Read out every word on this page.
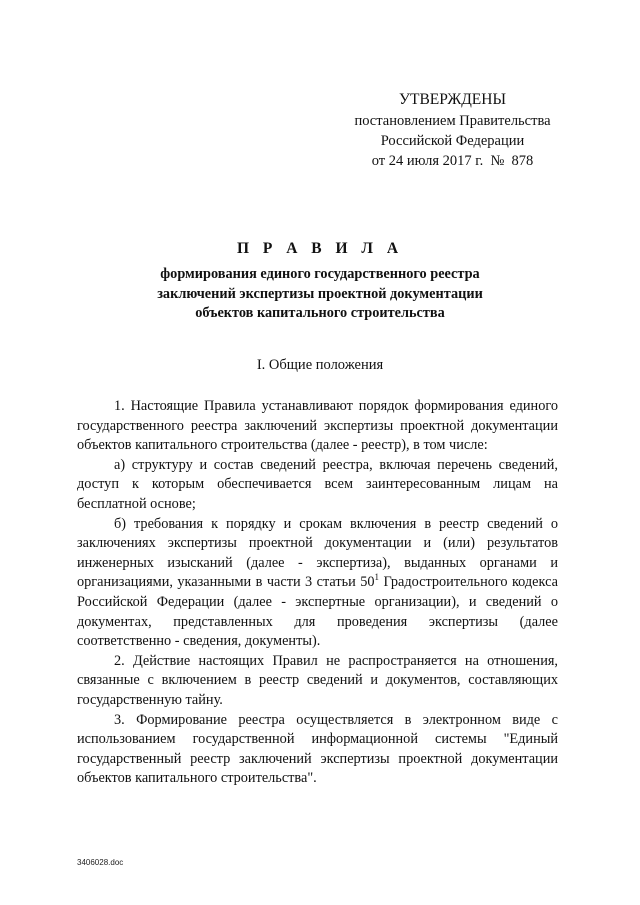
УТВЕРЖДЕНЫ
постановлением Правительства
Российской Федерации
от 24 июля 2017 г.  №  878
П Р А В И Л А
формирования единого государственного реестра
заключений экспертизы проектной документации
объектов капитального строительства
I. Общие положения

1. Настоящие Правила устанавливают порядок формирования единого государственного реестра заключений экспертизы проектной документации объектов капитального строительства (далее - реестр), в том числе:

а) структуру и состав сведений реестра, включая перечень сведений, доступ к которым обеспечивается всем заинтересованным лицам на бесплатной основе;

б) требования к порядку и срокам включения в реестр сведений о заключениях экспертизы проектной документации и (или) результатов инженерных изысканий (далее - экспертиза), выданных органами и организациями, указанными в части 3 статьи $50^1$ Градостроительного кодекса Российской Федерации (далее - экспертные организации), и сведений о документах, представленных для проведения экспертизы (далее соответственно - сведения, документы).

2. Действие настоящих Правил не распространяется на отношения, связанные с включением в реестр сведений и документов, составляющих государственную тайну.

3. Формирование реестра осуществляется в электронном виде с использованием государственной информационной системы "Единый государственный реестр заключений экспертизы проектной документации объектов капитального строительства".

3406028.doc
